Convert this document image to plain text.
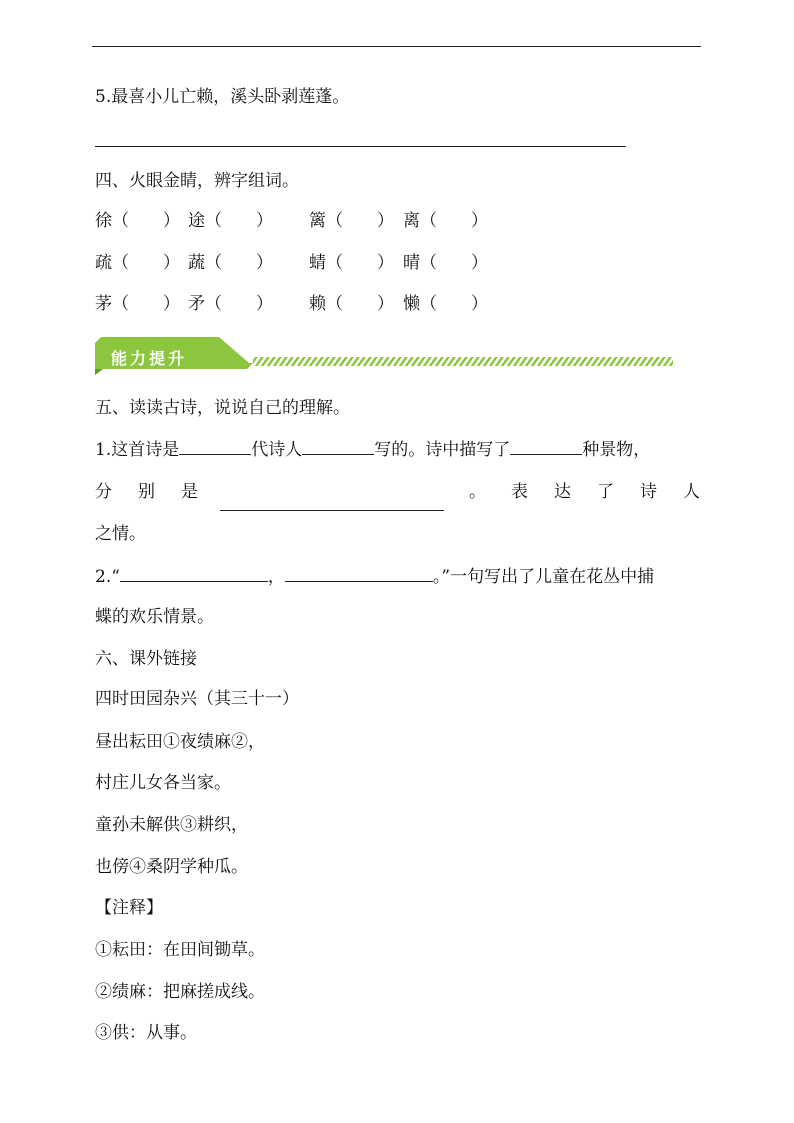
5.最喜小儿亡赖，溪头卧剥莲蓬。
四、火眼金睛，辨字组词。
徐（　　） 途（　　） 篱（　　） 离（　　）
疏（　　） 蔬（　　） 蜻（　　） 晴（　　）
茅（　　） 矛（　　） 赖（　　） 懒（　　）
能力提升
五、读读古诗，说说自己的理解。
1.这首诗是	代诗人	写的。诗中描写了	种景物，
分别是	。 表 达 了 诗 人
之情。
2.“	，	。”一句写出了儿童在花丛中捕
蝶的欢乐情景。
六、课外链接
四时田园杂兴（其三十一）
昼出耘田①夜绩麻②，
村庄儿女各当家。
童孙未解供③耕织，
也傍④桑阴学种瓜。
【注释】
①耘田：在田间锄草。
②绩麻：把麻搓成线。
③供：从事。
